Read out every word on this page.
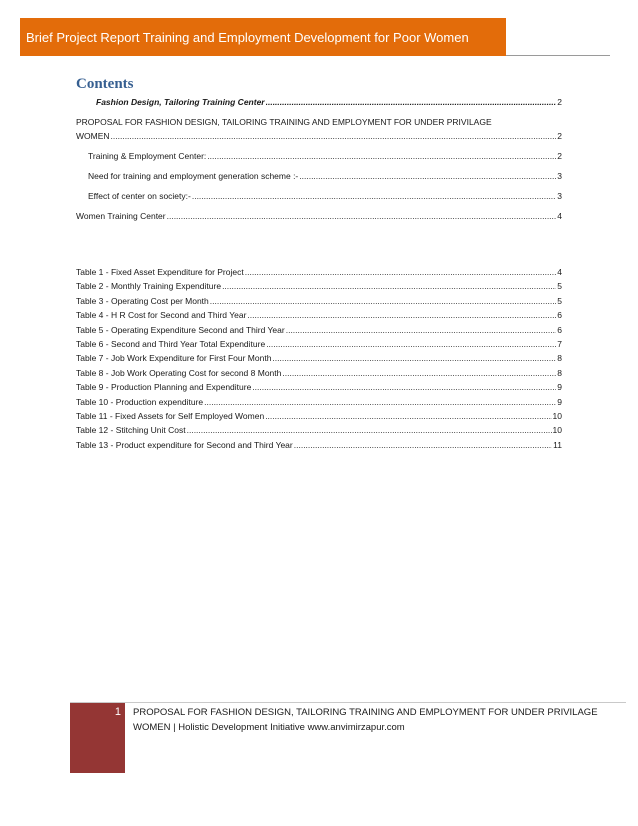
Brief Project Report Training and Employment Development for Poor Women
Contents
Fashion Design, Tailoring Training Center .....	2
PROPOSAL FOR FASHION DESIGN, TAILORING TRAINING AND EMPLOYMENT FOR UNDER PRIVILAGE
WOMEN .....	2
Training & Employment Center: .....	2
Need for training and employment generation scheme :- .....	3
Effect of center on society:- .....	3
Women Training Center .....	4
Table 1 - Fixed Asset Expenditure for Project .....	4
Table 2 - Monthly Training Expenditure .....	5
Table 3 - Operating Cost per Month .....	5
Table 4 - H R Cost for Second and Third Year .....	6
Table 5 - Operating Expenditure Second and Third Year .....	6
Table 6 - Second and Third Year Total Expenditure .....	7
Table 7 - Job Work Expenditure for First Four Month .....	8
Table 8 - Job Work Operating Cost for second 8 Month .....	8
Table 9 - Production Planning and Expenditure .....	9
Table 10 - Production expenditure .....	9
Table 11 - Fixed Assets for Self Employed Women .....	10
Table 12 - Stitching Unit Cost .....	10
Table 13 - Product expenditure for Second and Third Year .....	11
1 PROPOSAL FOR FASHION DESIGN, TAILORING TRAINING AND EMPLOYMENT FOR UNDER PRIVILAGE
WOMEN | Holistic Development Initiative www.anvimirzapur.com
